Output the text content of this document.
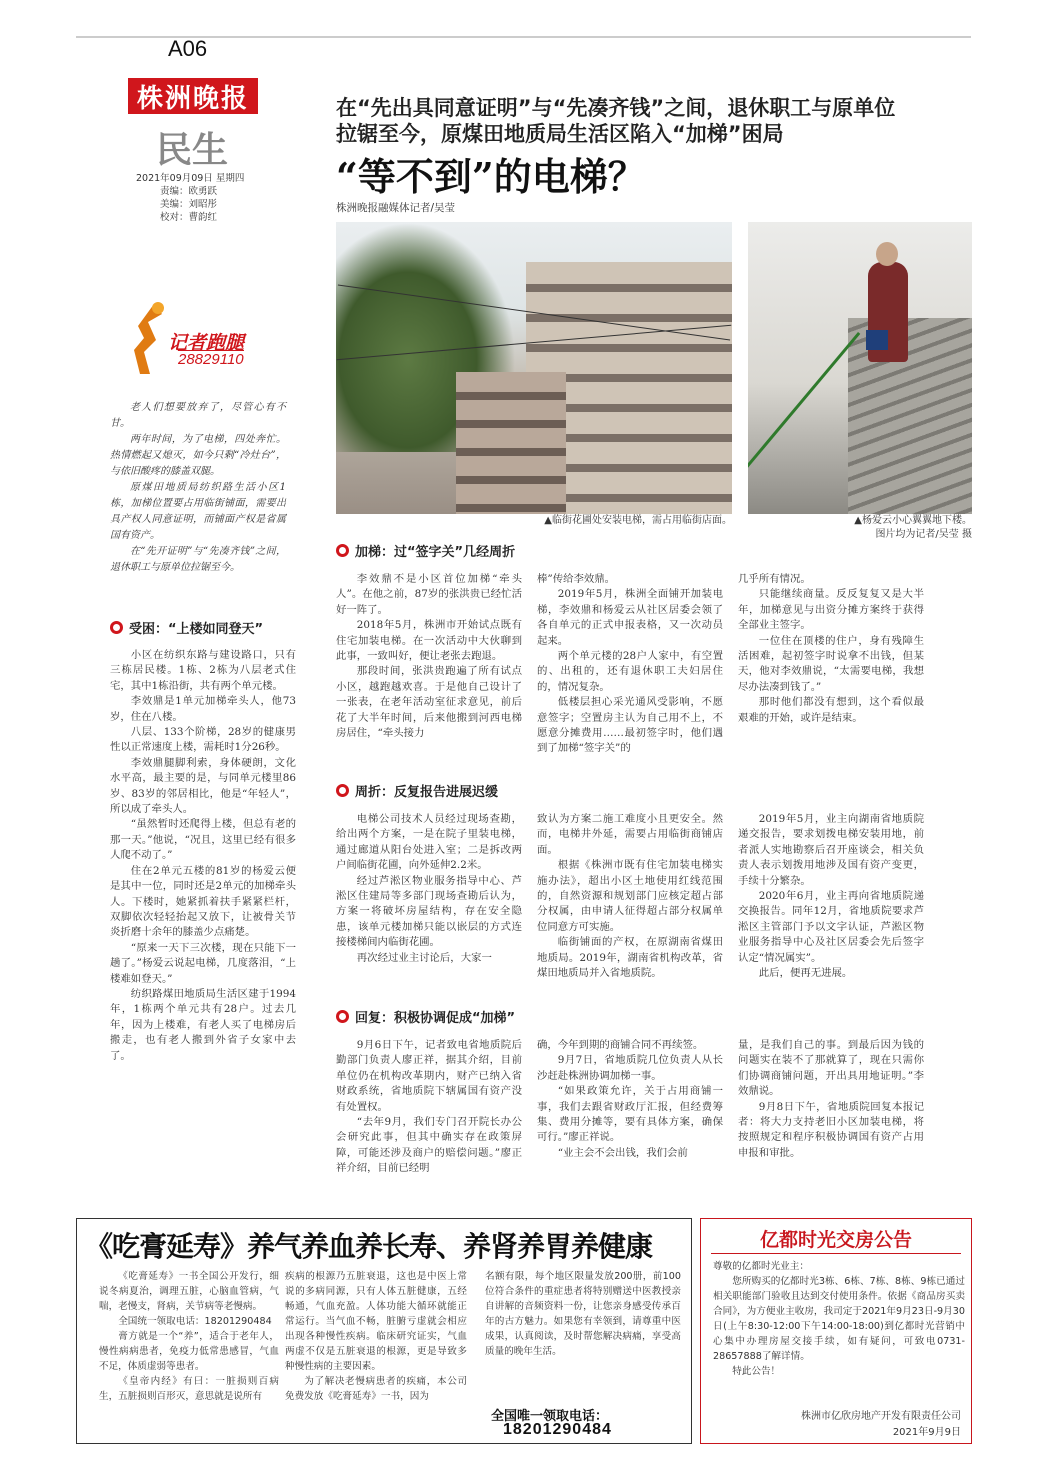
A06
株洲晚报
民生
2021年09月09日 星期四
责编：欧勇跃
美编：刘昭彤
校对：曹韵红
记者跑腿
28829110
在“先出具同意证明”与“先凑齐钱”之间，退休职工与原单位
拉锯至今，原煤田地质局生活区陷入“加梯”困局
“等不到”的电梯？
株洲晚报融媒体记者/吴莹
▲临街花圃处安装电梯，需占用临街店面。	▲杨爱云小心翼翼地下楼。
图片均为记者/吴莹 摄

老人们想要放弃了，尽管心有不甘。

两年时间，为了电梯，四处奔忙。热情燃起又熄灭，如今只剩“冷灶台”，与依旧酸疼的膝盖双腿。

原煤田地质局纺织路生活小区1栋，加梯位置要占用临街铺面，需要出具产权人同意证明，而铺面产权是省属国有资产。

在“先开证明”与“先凑齐钱”之间，退休职工与原单位拉锯至今。

受困：“上楼如同登天”

小区在纺织东路与建设路口，只有三栋居民楼。1栋、2栋为八层老式住宅，其中1栋沿街，共有两个单元楼。

李效鼎是1单元加梯牵头人，他73岁，住在八楼。

八层、133个阶梯，28岁的健康男性以正常速度上楼，需耗时1分26秒。

李效鼎腿脚利索，身体硬朗，文化水平高，最主要的是，与同单元楼里86岁、83岁的邻居相比，他是“年轻人”，所以成了牵头人。

“虽然暂时还爬得上楼，但总有老的那一天。”他说，“况且，这里已经有很多人爬不动了。”

住在2单元五楼的81岁的杨爱云便是其中一位，同时还是2单元的加梯牵头人。下楼时，她紧抓着扶手紧紧栏杆，双脚依次轻轻抬起又放下，让被骨关节炎折磨十余年的膝盖少点痛楚。

“原来一天下三次楼，现在只能下一趟了。”杨爱云说起电梯，几度落泪，“上楼难如登天。”

纺织路煤田地质局生活区建于1994年，1栋两个单元共有28户。过去几年，因为上楼难，有老人买了电梯房后搬走，也有老人搬到外省子女家中去了。

加梯：过“签字关”几经周折

李效鼎不是小区首位加梯“牵头人”。在他之前，87岁的张洪贵已经忙活好一阵了。

2018年5月，株洲市开始试点既有住宅加装电梯。在一次活动中大伙聊到此事，一致叫好，便让老张去跑退。

那段时间，张洪贵跑遍了所有试点小区，越跑越欢喜。于是他自己设计了一张表，在老年活动室征求意见，前后花了大半年时间，后来他搬到河西电梯房居住，“牵头接力

棒”传给李效鼎。

2019年5月，株洲全面铺开加装电梯，李效鼎和杨爱云从社区居委会领了各自单元的正式申报表格，又一次动员起来。

两个单元楼的28户人家中，有空置的、出租的，还有退休职工夫妇居住的，情况复杂。

低楼层担心采光通风受影响，不愿意签字；空置房主认为自己用不上，不愿意分摊费用……最初签字时，他们遇到了加梯“签字关”的

几乎所有情况。

只能继续商量。反反复复又是大半年，加梯意见与出资分摊方案终于获得全部业主签字。

一位住在顶楼的住户，身有残障生活困难，起初签字时说拿不出钱，但某天，他对李效鼎说，“太需要电梯，我想尽办法凑到钱了。”

那时他们都没有想到，这个看似最艰难的开始，或许是结束。

周折：反复报告进展迟缓

电梯公司技术人员经过现场查勘，给出两个方案，一是在院子里装电梯，通过廊道从阳台处进入室；二是拆改两户间临街花圃，向外延伸2.2米。

经过芦淞区物业服务指导中心、芦淞区住建局等多部门现场查勘后认为，方案一将破坏房屋结构，存在安全隐患，该单元楼加梯只能以嵌层的方式连接楼梯间内临街花圃。

再次经过业主讨论后，大家一

致认为方案二施工难度小且更安全。然而，电梯井外延，需要占用临街商铺店面。

根据《株洲市既有住宅加装电梯实施办法》，超出小区土地使用红线范围的，自然资源和规划部门应核定超占部分权属，由申请人征得超占部分权属单位同意方可实施。

临街铺面的产权，在原湖南省煤田地质局。2019年，湖南省机构改革，省煤田地质局并入省地质院。

2019年5月，业主向湖南省地质院递交报告，要求划拨电梯安装用地，前者派人实地勘察后召开座谈会，相关负责人表示划拨用地涉及国有资产变更，手续十分繁杂。

2020年6月，业主再向省地质院递交换报告。同年12月，省地质院要求芦淞区主管部门予以文字认证，芦淞区物业服务指导中心及社区居委会先后签字认定“情况属实”。

此后，便再无进展。

回复：积极协调促成“加梯”

9月6日下午，记者致电省地质院后勤部门负责人廖正祥，据其介绍，目前单位仍在机构改革期内，财产已纳入省财政系统，省地质院下辖属国有资产没有处置权。

“去年9月，我们专门召开院长办公会研究此事，但其中确实存在政策屏障，可能还涉及商户的赔偿问题。”廖正祥介绍，目前已经明

确，今年到期的商铺合同不再续签。

9月7日，省地质院几位负责人从长沙赶赴株洲协调加梯一事。

“如果政策允许，关于占用商铺一事，我们去跟省财政厅汇报，但经费筹集、费用分摊等，要有具体方案，确保可行。”廖正祥说。

“业主会不会出钱，我们会前

量，是我们自己的事。到最后因为钱的问题实在装不了那就算了，现在只需你们协调商铺问题，开出具用地证明。”李效鼎说。

9月8日下午，省地质院回复本报记者：将大力支持老旧小区加装电梯，将按照规定和程序积极协调国有资产占用申报和审批。

《吃膏延寿》养气养血养长寿、养肾养胃养健康

《吃膏延寿》一书全国公开发行，细说冬病夏治，调理五脏，心脑血管病，气喘，老慢支，肾病，关节病等老慢病。

全国统一领取电话：18201290484

膏方就是一个“养”，适合于老年人，慢性病病患者，免疫力低常患感冒，气血不足，体质虚弱等患者。

《皇帝内经》有曰：一脏损则百病生，五脏损则百形灭，意思就是说所有

疾病的根源乃五脏衰退，这也是中医上常说的多病同源，只有人体五脏健康，五经畅通，气血充盈。人体功能大循环就能正常运行。当气血不畅，脏腑亏虚就会相应出现各种慢性疾病。临床研究证实，气血两虚不仅是五脏衰退的根源，更是导致多种慢性病的主要因素。

为了解决老慢病患者的疾痛，本公司免费发放《吃膏延寿》一书，因为

名额有限，每个地区限量发放200册，前100位符合条件的重症患者将特别赠送中医教授亲自讲解的音频资料一份，让您亲身感受传承百年的古方魅力。如果您有幸领到，请尊重中医成果，认真阅读，及时帮您解决病痛，享受高质量的晚年生活。

全国唯一领取电话：
18201290484
亿都时光交房公告

尊敬的亿都时光业主：

您所购买的亿都时光3栋、6栋、7栋、8栋、9栋已通过相关职能部门验收且达到交付使用条件。依据《商品房买卖合同》，为方便业主收房，我司定于2021年9月23日-9月30日(上午8:30-12:00下午14:00-18:00)到亿都时光营销中心集中办理房屋交接手续，如有疑问，可致电0731-28657888了解详情。

特此公告！

株洲市亿欣房地产开发有限责任公司
2021年9月9日
